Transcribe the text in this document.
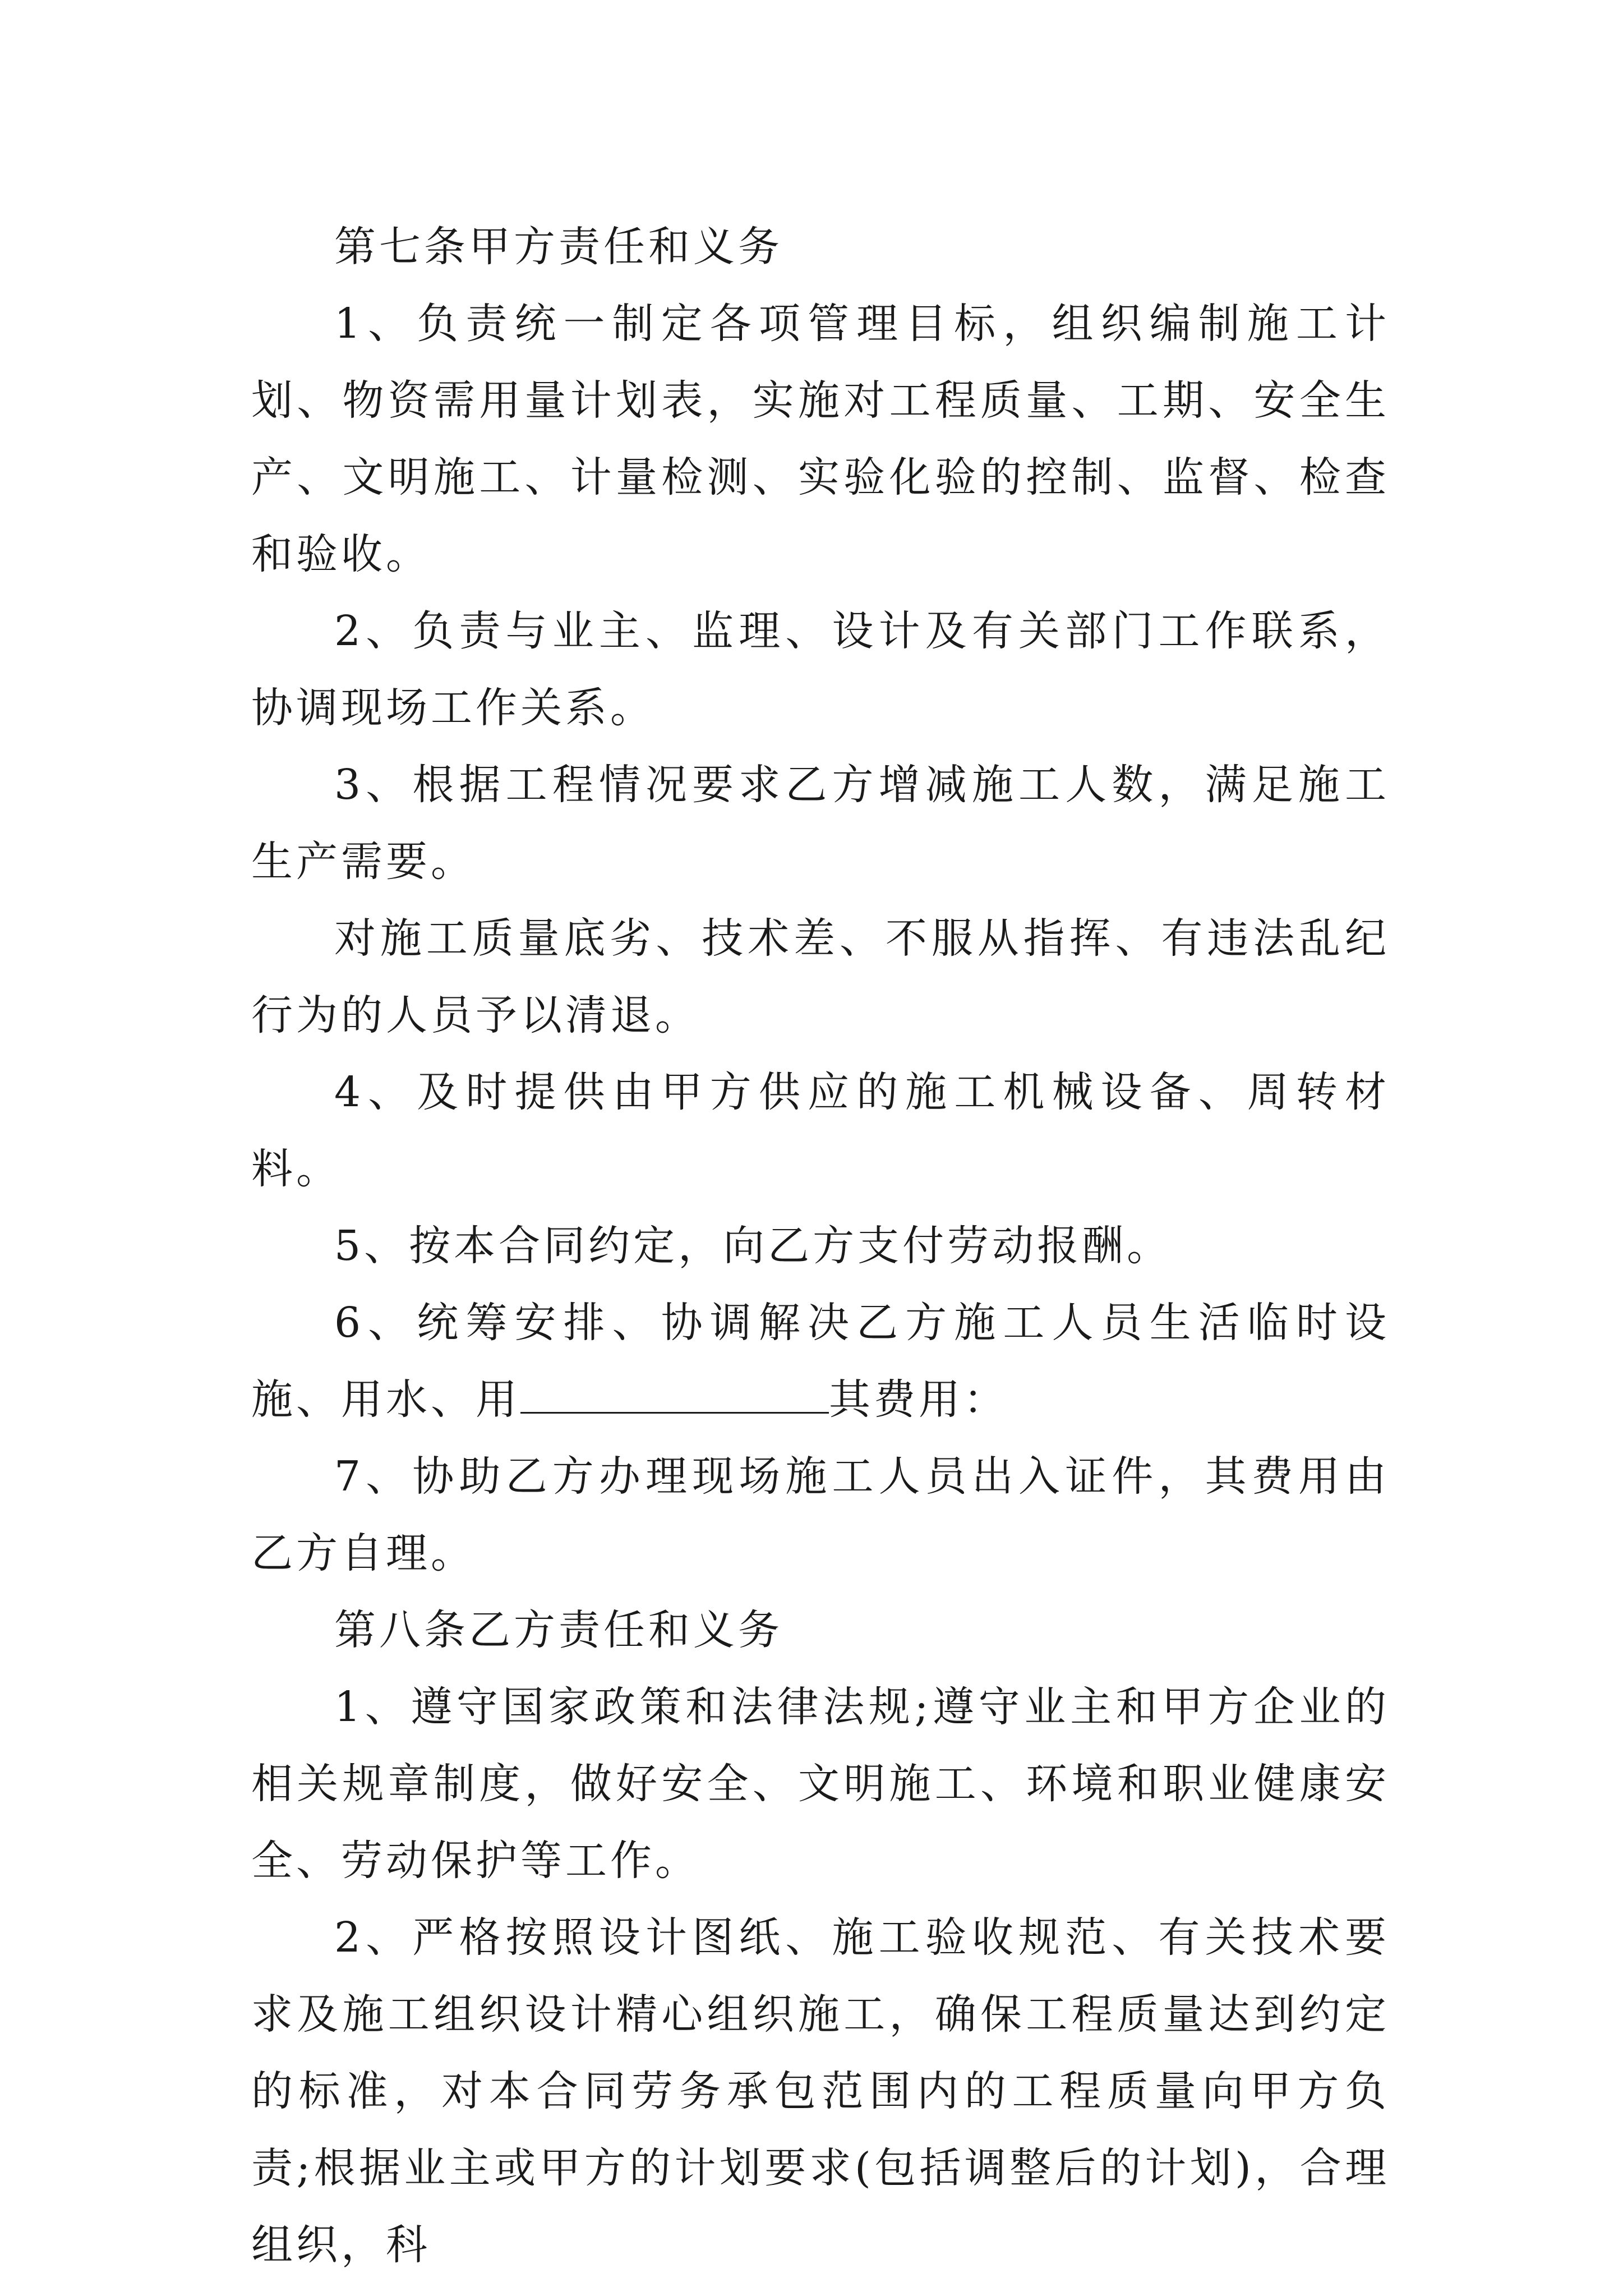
第七条甲方责任和义务

1、负责统一制定各项管理目标，组织编制施工计划、物资需用量计划表，实施对工程质量、工期、安全生产、文明施工、计量检测、实验化验的控制、监督、检查和验收。

2、负责与业主、监理、设计及有关部门工作联系，协调现场工作关系。

3、根据工程情况要求乙方增减施工人数，满足施工生产需要。

对施工质量底劣、技术差、不服从指挥、有违法乱纪行为的人员予以清退。

4、及时提供由甲方供应的施工机械设备、周转材料。

5、按本合同约定，向乙方支付劳动报酬。

6、统筹安排、协调解决乙方施工人员生活临时设施、用水、用	其费用：

7、协助乙方办理现场施工人员出入证件，其费用由乙方自理。

第八条乙方责任和义务

1、遵守国家政策和法律法规;遵守业主和甲方企业的相关规章制度，做好安全、文明施工、环境和职业健康安全、劳动保护等工作。

2、严格按照设计图纸、施工验收规范、有关技术要求及施工组织设计精心组织施工，确保工程质量达到约定的标准，对本合同劳务承包范围内的工程质量向甲方负责;根据业主或甲方的计划要求(包括调整后的计划)，合理组织，科
